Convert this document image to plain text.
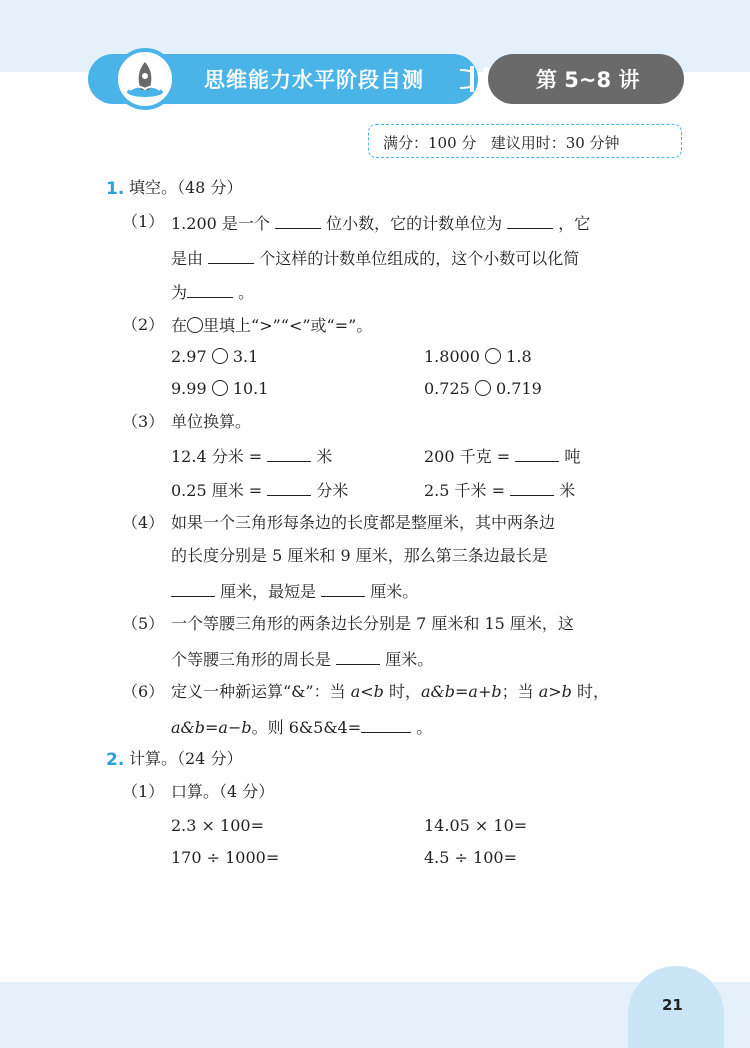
思维能力水平阶段自测	第 5~8 讲
满分：100 分   建议用时：30 分钟
1. 填空。（48 分）
（1） 1.200 是一个	位小数，它的计数单位为	，它
是由	个这样的计数单位组成的，这个小数可以化简
为	。
（2） 在 里填上“>”“<”或“=”。
2.97 3.1	1.8000 1.8
9.99 10.1	0.725 0.719
（3） 单位换算。
12.4 分米 =	米	200 千克 =	吨
0.25 厘米 =	分米	2.5 千米 =	米
（4） 如果一个三角形每条边的长度都是整厘米，其中两条边
的长度分别是 5 厘米和 9 厘米，那么第三条边最长是
厘米，最短是	厘米。
（5） 一个等腰三角形的两条边长分别是 7 厘米和 15 厘米，这
个等腰三角形的周长是	厘米。
（6） 定义一种新运算“&”：当 a<b 时，a&b=a+b；当 a>b 时，
a&b=a−b。则 6&5&4=	。
2. 计算。（24 分）
（1） 口算。（4 分）
2.3 × 100=	14.05 × 10=
170 ÷ 1000=	4.5 ÷ 100=
21
